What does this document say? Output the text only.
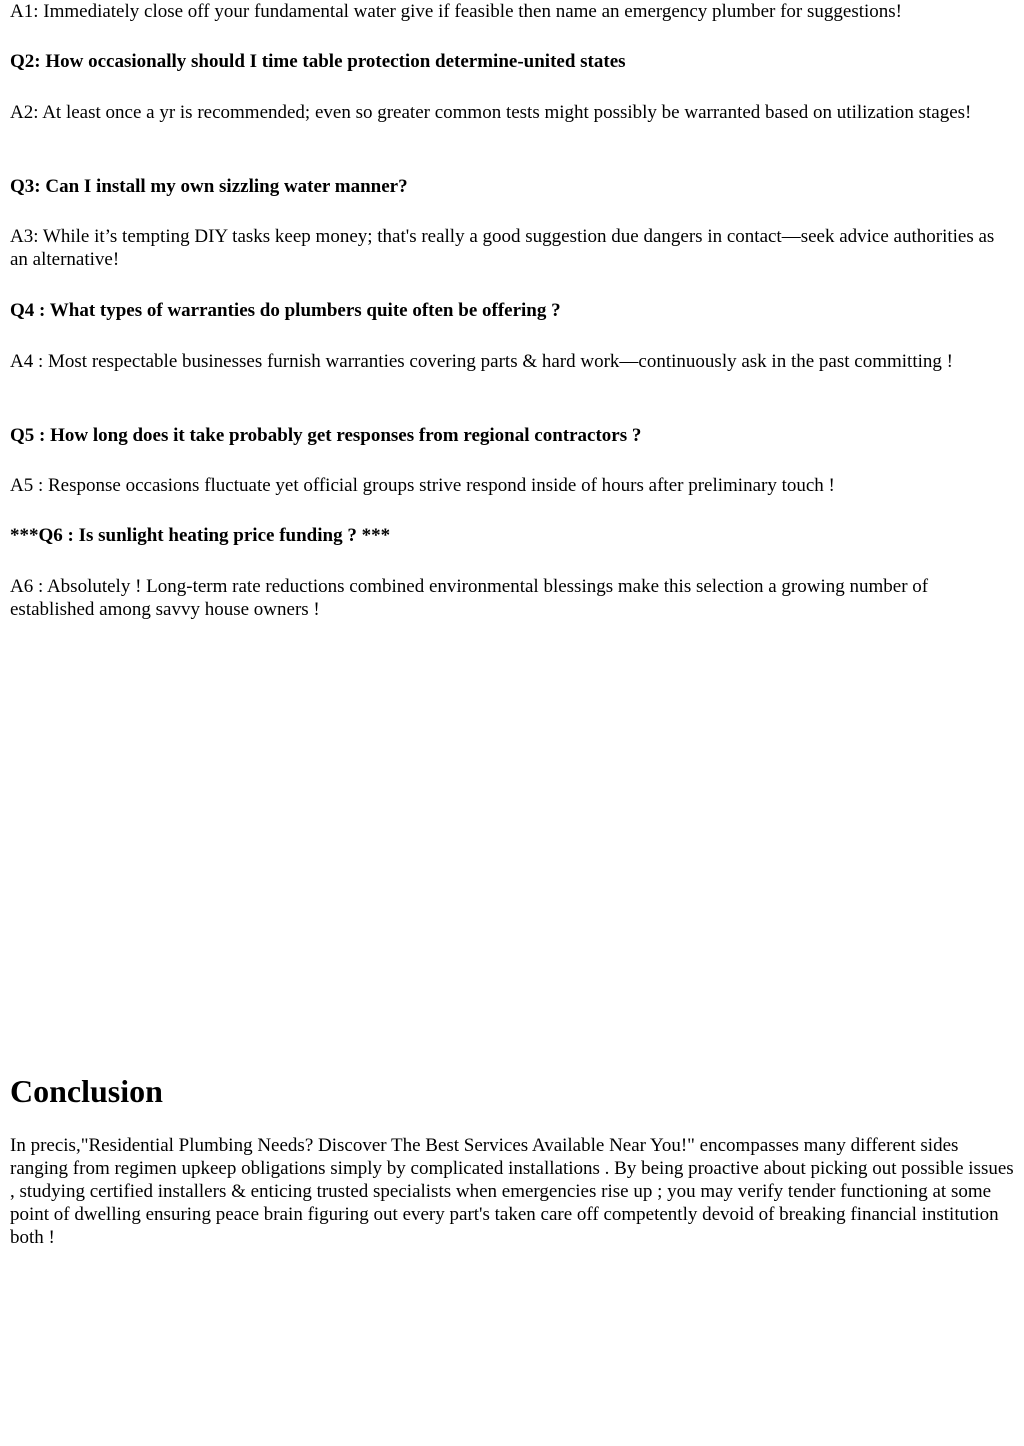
A1: Immediately close off your fundamental water give if feasible then name an emergency plumber for suggestions!

Q2: How occasionally should I time table protection determine-united states

A2: At least once a yr is recommended; even so greater common tests might possibly be warranted based on utilization stages!

Q3: Can I install my own sizzling water manner?

A3: While it’s tempting DIY tasks keep money; that's really a good suggestion due dangers in contact—seek advice authorities as an alternative!

Q4 : What types of warranties do plumbers quite often be offering ?

A4 : Most respectable businesses furnish warranties covering parts & hard work—continuously ask in the past committing !

Q5 : How long does it take probably get responses from regional contractors ?

A5 : Response occasions fluctuate yet official groups strive respond inside of hours after preliminary touch !

***Q6 : Is sunlight heating price funding ? ***

A6 : Absolutely ! Long-term rate reductions combined environmental blessings make this selection a growing number of established among savvy house owners !

Conclusion

In precis,"Residential Plumbing Needs? Discover The Best Services Available Near You!" encompasses many different sides ranging from regimen upkeep obligations simply by complicated installations . By being proactive about picking out possible issues , studying certified installers & enticing trusted specialists when emergencies rise up ; you may verify tender functioning at some point of dwelling ensuring peace brain figuring out every part's taken care off competently devoid of breaking financial institution both !
